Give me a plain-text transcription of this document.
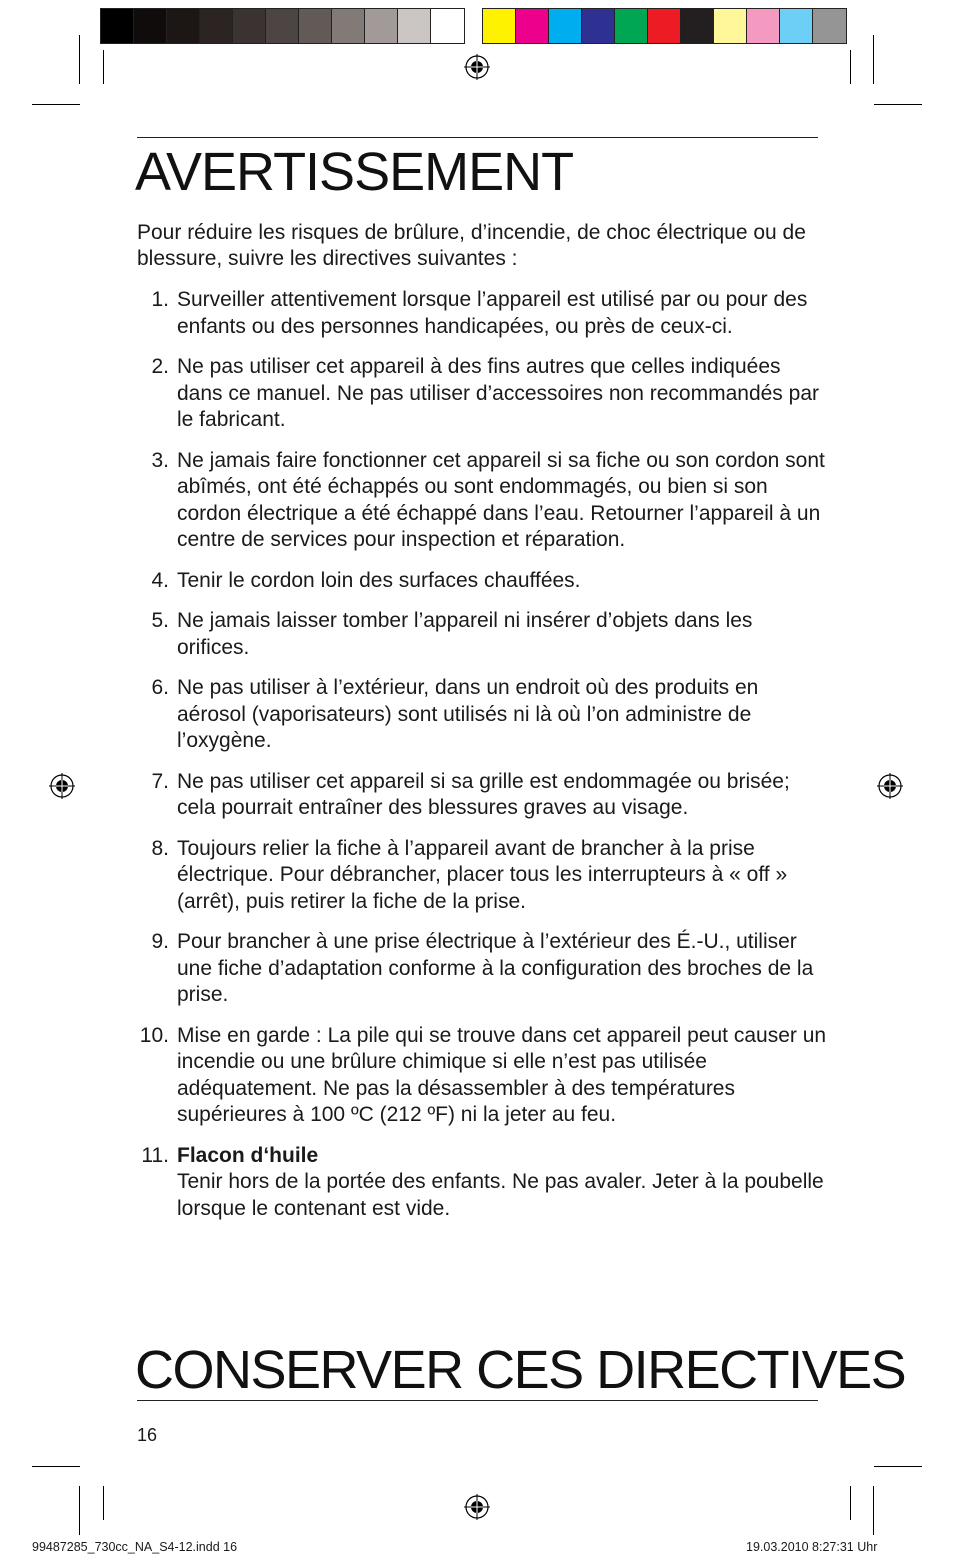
AVERTISSEMENT

Pour réduire les risques de brûlure, d’incendie, de choc électrique ou de blessure, suivre les directives suivantes :

1. Surveiller attentivement lorsque l’appareil est utilisé par ou pour des enfants ou des personnes handicapées, ou près de ceux-ci.
2. Ne pas utiliser cet appareil à des fins autres que celles indiquées dans ce manuel. Ne pas utiliser d’accessoires non recommandés par le fabricant.
3. Ne jamais faire fonctionner cet appareil si sa fiche ou son cordon sont abîmés, ont été échappés ou sont endommagés, ou bien si son cordon électrique a été échappé dans l’eau. Retourner l’appareil à un centre de services pour inspection et réparation.
4. Tenir le cordon loin des surfaces chauffées.
5. Ne jamais laisser tomber l’appareil ni insérer d’objets dans les orifices.
6. Ne pas utiliser à l’extérieur, dans un endroit où des produits en aérosol (vaporisateurs) sont utilisés ni là où l’on administre de l’oxygène.
7. Ne pas utiliser cet appareil si sa grille est endommagée ou brisée; cela pourrait entraîner des blessures graves au visage.
8. Toujours relier la fiche à l’appareil avant de brancher à la prise électrique. Pour débrancher, placer tous les interrupteurs à « off » (arrêt), puis retirer la fiche de la prise.
9. Pour brancher à une prise électrique à l’extérieur des É.-U., utiliser une fiche d’adaptation conforme à la configuration des broches de la prise.
10. Mise en garde : La pile qui se trouve dans cet appareil peut causer un incendie ou une brûlure chimique si elle n’est pas utilisée adéquatement. Ne pas la désassembler à des températures supérieures à 100 ºC (212 ºF) ni la jeter au feu.
11. Flacon d‘huile
Tenir hors de la portée des enfants. Ne pas avaler. Jeter à la poubelle lorsque le contenant est vide.
CONSERVER CES DIRECTIVES
16
99487285_730cc_NA_S4-12.indd 16	19.03.2010 8:27:31 Uhr
